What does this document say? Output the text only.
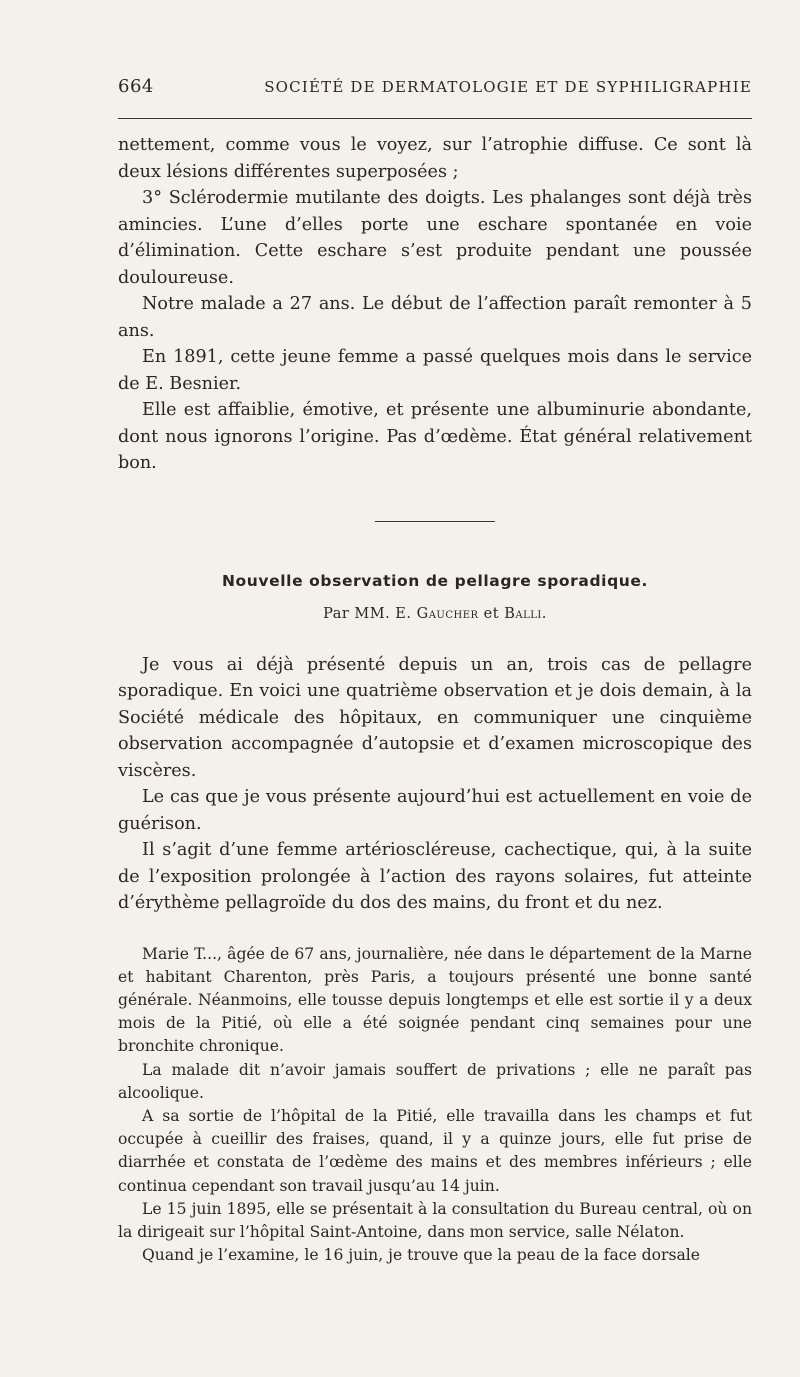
664	SOCIÉTÉ DE DERMATOLOGIE ET DE SYPHILIGRAPHIE

nettement, comme vous le voyez, sur l’atrophie diffuse. Ce sont là deux lésions différentes superposées ;

3° Sclérodermie mutilante des doigts. Les phalanges sont déjà très amincies. L’une d’elles porte une eschare spontanée en voie d’élimination. Cette eschare s’est produite pendant une poussée douloureuse.

Notre malade a 27 ans. Le début de l’affection paraît remonter à 5 ans.

En 1891, cette jeune femme a passé quelques mois dans le service de E. Besnier.

Elle est affaiblie, émotive, et présente une albuminurie abondante, dont nous ignorons l’origine. Pas d’œdème. État général relativement bon.

Nouvelle observation de pellagre sporadique.
Par MM. E. Gaucher et Balli.

Je vous ai déjà présenté depuis un an, trois cas de pellagre sporadique. En voici une quatrième observation et je dois demain, à la Société médicale des hôpitaux, en communiquer une cinquième observation accompagnée d’autopsie et d’examen microscopique des viscères.

Le cas que je vous présente aujourd’hui est actuellement en voie de guérison.

Il s’agit d’une femme artérioscléreuse, cachectique, qui, à la suite de l’exposition prolongée à l’action des rayons solaires, fut atteinte d’érythème pellagroïde du dos des mains, du front et du nez.

Marie T..., âgée de 67 ans, journalière, née dans le département de la Marne et habitant Charenton, près Paris, a toujours présenté une bonne santé générale. Néanmoins, elle tousse depuis longtemps et elle est sortie il y a deux mois de la Pitié, où elle a été soignée pendant cinq semaines pour une bronchite chronique.

La malade dit n’avoir jamais souffert de privations ; elle ne paraît pas alcoolique.

A sa sortie de l’hôpital de la Pitié, elle travailla dans les champs et fut occupée à cueillir des fraises, quand, il y a quinze jours, elle fut prise de diarrhée et constata de l’œdème des mains et des membres inférieurs ; elle continua cependant son travail jusqu’au 14 juin.

Le 15 juin 1895, elle se présentait à la consultation du Bureau central, où on la dirigeait sur l’hôpital Saint-Antoine, dans mon service, salle Nélaton.

Quand je l’examine, le 16 juin, je trouve que la peau de la face dorsale
